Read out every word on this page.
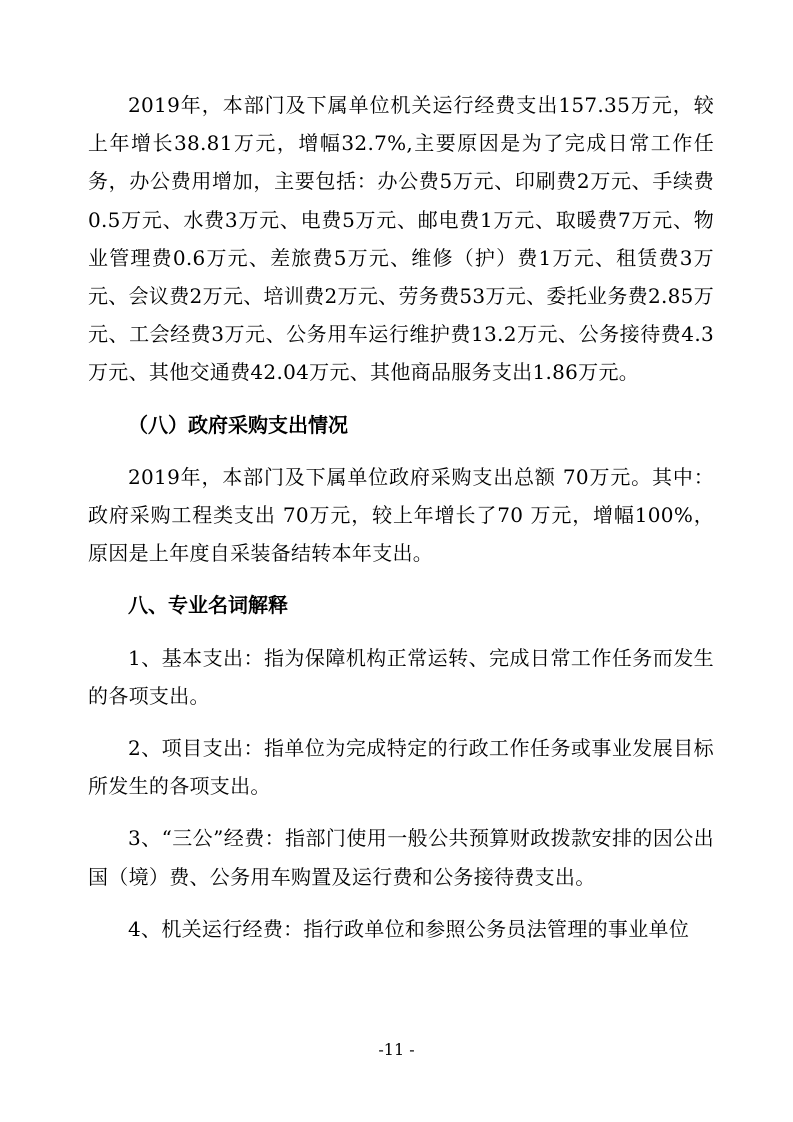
2019年，本部门及下属单位机关运行经费支出157.35万元，较上年增长38.81万元，增幅32.7%,主要原因是为了完成日常工作任务，办公费用增加，主要包括：办公费5万元、印刷费2万元、手续费0.5万元、水费3万元、电费5万元、邮电费1万元、取暖费7万元、物业管理费0.6万元、差旅费5万元、维修（护）费1万元、租赁费3万元、会议费2万元、培训费2万元、劳务费53万元、委托业务费2.85万元、工会经费3万元、公务用车运行维护费13.2万元、公务接待费4.3万元、其他交通费42.04万元、其他商品服务支出1.86万元。

（八）政府采购支出情况

2019年，本部门及下属单位政府采购支出总额 70万元。其中：政府采购工程类支出 70万元，较上年增长了70 万元，增幅100%，原因是上年度自采装备结转本年支出。

八、专业名词解释

1、基本支出：指为保障机构正常运转、完成日常工作任务而发生的各项支出。

2、项目支出：指单位为完成特定的行政工作任务或事业发展目标所发生的各项支出。

3、“三公”经费：指部门使用一般公共预算财政拨款安排的因公出国（境）费、公务用车购置及运行费和公务接待费支出。

4、机关运行经费：指行政单位和参照公务员法管理的事业单位

-11 -
